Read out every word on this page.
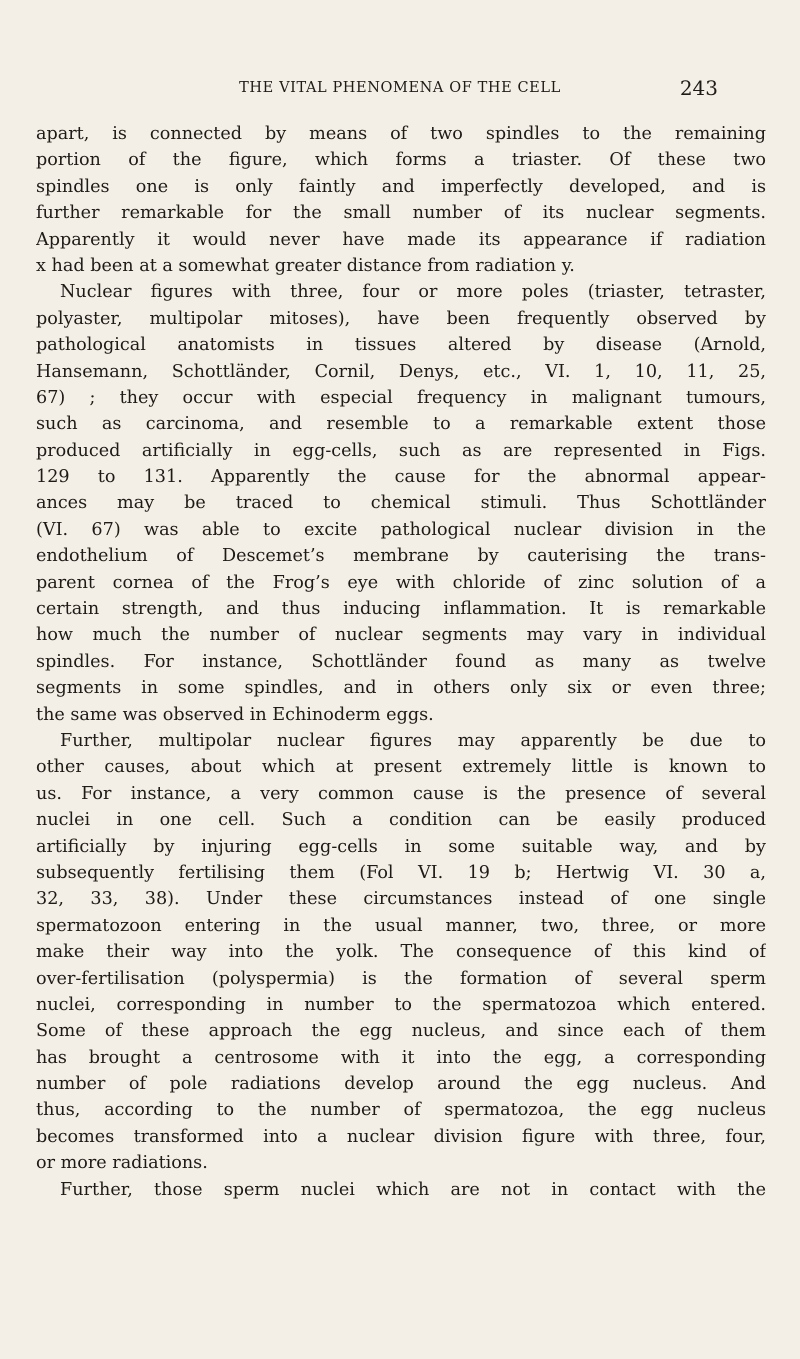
THE VITAL PHENOMENA OF THE CELL	243
apart, is connected by means of two spindles to the remaining
portion of the figure, which forms a triaster. Of these two
spindles one is only faintly and imperfectly developed, and is
further remarkable for the small number of its nuclear segments.
Apparently it would never have made its appearance if radiation
x had been at a somewhat greater distance from radiation y.
Nuclear figures with three, four or more poles (triaster, tetraster,
polyaster, multipolar mitoses), have been frequently observed by
pathological anatomists in tissues altered by disease (Arnold,
Hansemann, Schottländer, Cornil, Denys, etc., VI. 1, 10, 11, 25,
67) ; they occur with especial frequency in malignant tumours,
such as carcinoma, and resemble to a remarkable extent those
produced artificially in egg-cells, such as are represented in Figs.
129 to 131. Apparently the cause for the abnormal appear-
ances may be traced to chemical stimuli. Thus Schottländer
(VI. 67) was able to excite pathological nuclear division in the
endothelium of Descemet’s membrane by cauterising the trans-
parent cornea of the Frog’s eye with chloride of zinc solution of a
certain strength, and thus inducing inflammation. It is remarkable
how much the number of nuclear segments may vary in individual
spindles. For instance, Schottländer found as many as twelve
segments in some spindles, and in others only six or even three;
the same was observed in Echinoderm eggs.
Further, multipolar nuclear figures may apparently be due to
other causes, about which at present extremely little is known to
us. For instance, a very common cause is the presence of several
nuclei in one cell. Such a condition can be easily produced
artificially by injuring egg-cells in some suitable way, and by
subsequently fertilising them (Fol VI. 19 b; Hertwig VI. 30 a,
32, 33, 38). Under these circumstances instead of one single
spermatozoon entering in the usual manner, two, three, or more
make their way into the yolk. The consequence of this kind of
over-fertilisation (polyspermia) is the formation of several sperm
nuclei, corresponding in number to the spermatozoa which entered.
Some of these approach the egg nucleus, and since each of them
has brought a centrosome with it into the egg, a corresponding
number of pole radiations develop around the egg nucleus. And
thus, according to the number of spermatozoa, the egg nucleus
becomes transformed into a nuclear division figure with three, four,
or more radiations.
Further, those sperm nuclei which are not in contact with the
